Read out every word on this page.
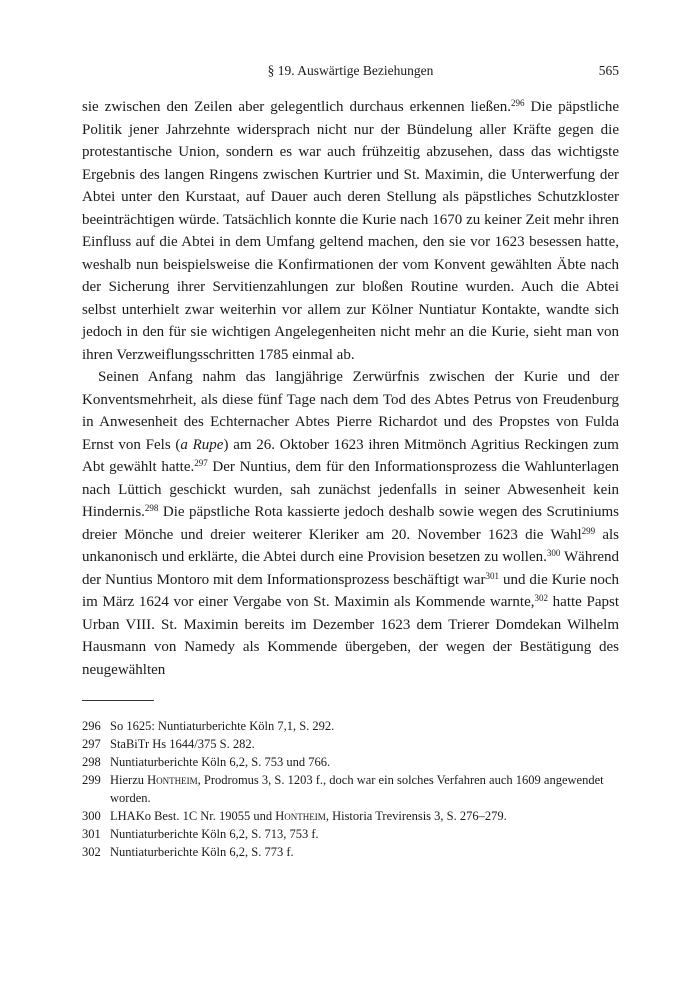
§ 19. Auswärtige Beziehungen	565

sie zwischen den Zeilen aber gelegentlich durchaus erkennen ließen.$^{296}$ Die päpstliche Politik jener Jahrzehnte widersprach nicht nur der Bündelung aller Kräfte gegen die protestantische Union, sondern es war auch frühzeitig abzusehen, dass das wichtigste Ergebnis des langen Ringens zwischen Kurtrier und St. Maximin, die Unterwerfung der Abtei unter den Kurstaat, auf Dauer auch deren Stellung als päpstliches Schutzkloster beeinträchtigen würde. Tatsächlich konnte die Kurie nach 1670 zu keiner Zeit mehr ihren Einfluss auf die Abtei in dem Umfang geltend machen, den sie vor 1623 besessen hatte, weshalb nun beispielsweise die Konfirmationen der vom Konvent gewählten Äbte nach der Sicherung ihrer Servitienzahlungen zur bloßen Routine wurden. Auch die Abtei selbst unterhielt zwar weiterhin vor allem zur Kölner Nuntiatur Kontakte, wandte sich jedoch in den für sie wichtigen Angelegenheiten nicht mehr an die Kurie, sieht man von ihren Verzweiflungsschritten 1785 einmal ab.

Seinen Anfang nahm das langjährige Zerwürfnis zwischen der Kurie und der Konventsmehrheit, als diese fünf Tage nach dem Tod des Abtes Petrus von Freudenburg in Anwesenheit des Echternacher Abtes Pierre Richardot und des Propstes von Fulda Ernst von Fels (a Rupe) am 26. Oktober 1623 ihren Mitmönch Agritius Reckingen zum Abt gewählt hatte.$^{297}$ Der Nuntius, dem für den Informationsprozess die Wahlunterlagen nach Lüttich geschickt wurden, sah zunächst jedenfalls in seiner Abwesenheit kein Hindernis.$^{298}$ Die päpstliche Rota kassierte jedoch deshalb sowie wegen des Scrutiniums dreier Mönche und dreier weiterer Kleriker am 20. November 1623 die Wahl$^{299}$ als unkanonisch und erklärte, die Abtei durch eine Provision besetzen zu wollen.$^{300}$ Während der Nuntius Montoro mit dem Informationsprozess beschäftigt war$^{301}$ und die Kurie noch im März 1624 vor einer Vergabe von St. Maximin als Kommende warnte,$^{302}$ hatte Papst Urban VIII. St. Maximin bereits im Dezember 1623 dem Trierer Domdekan Wilhelm Hausmann von Namedy als Kommende übergeben, der wegen der Bestätigung des neugewählten

296 So 1625: Nuntiaturberichte Köln 7,1, S. 292.
297 StaBiTr Hs 1644/375 S. 282.
298 Nuntiaturberichte Köln 6,2, S. 753 und 766.
299 Hierzu Hontheim, Prodromus 3, S. 1203 f., doch war ein solches Verfahren auch 1609 angewendet worden.
300 LHAKo Best. 1C Nr. 19055 und Hontheim, Historia Trevirensis 3, S. 276–279.
301 Nuntiaturberichte Köln 6,2, S. 713, 753 f.
302 Nuntiaturberichte Köln 6,2, S. 773 f.
